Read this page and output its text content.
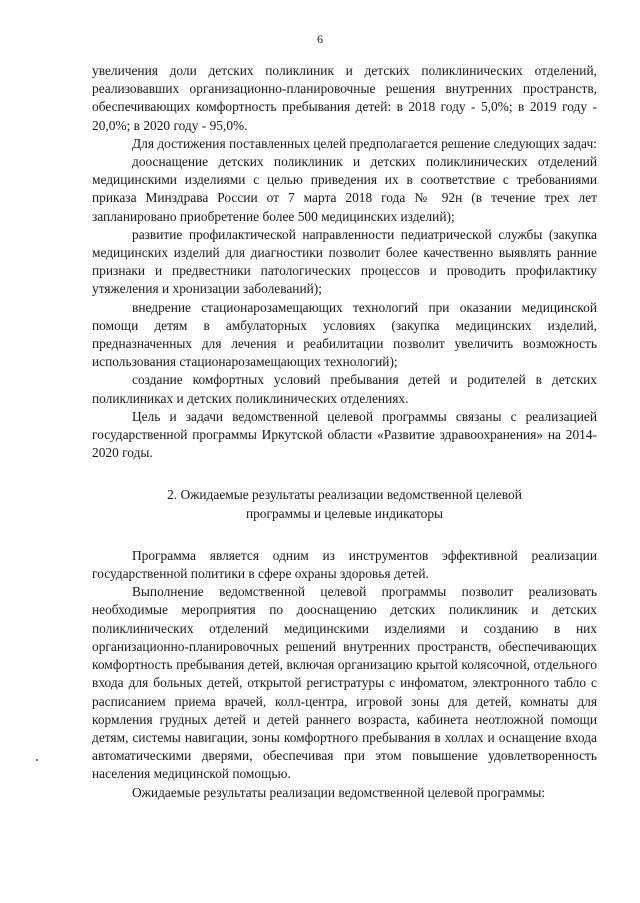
6

увеличения доли детских поликлиник и детских поликлинических отделений, реализовавших организационно-планировочные решения внутренних пространств, обеспечивающих комфортность пребывания детей: в 2018 году - 5,0%; в 2019 году - 20,0%; в 2020 году - 95,0%.

Для достижения поставленных целей предполагается решение следующих задач:

дооснащение детских поликлиник и детских поликлинических отделений медицинскими изделиями с целью приведения их в соответствие с требованиями приказа Минздрава России от 7 марта 2018 года № 92н (в течение трех лет запланировано приобретение более 500 медицинских изделий);

развитие профилактической направленности педиатрической службы (закупка медицинских изделий для диагностики позволит более качественно выявлять ранние признаки и предвестники патологических процессов и проводить профилактику утяжеления и хронизации заболеваний);

внедрение стационарозамещающих технологий при оказании медицинской помощи детям в амбулаторных условиях (закупка медицинских изделий, предназначенных для лечения и реабилитации позволит увеличить возможность использования стационарозамещающих технологий);

создание комфортных условий пребывания детей и родителей в детских поликлиниках и детских поликлинических отделениях.

Цель и задачи ведомственной целевой программы связаны с реализацией государственной программы Иркутской области «Развитие здравоохранения» на 2014-2020 годы.

2. Ожидаемые результаты реализации ведомственной целевой
программы и целевые индикаторы

Программа является одним из инструментов эффективной реализации государственной политики в сфере охраны здоровья детей.

Выполнение ведомственной целевой программы позволит реализовать необходимые мероприятия по дооснащению детских поликлиник и детских поликлинических отделений медицинскими изделиями и созданию в них организационно-планировочных решений внутренних пространств, обеспечивающих комфортность пребывания детей, включая организацию крытой колясочной, отдельного входа для больных детей, открытой регистратуры с инфоматом, электронного табло с расписанием приема врачей, колл-центра, игровой зоны для детей, комнаты для кормления грудных детей и детей раннего возраста, кабинета неотложной помощи детям, системы навигации, зоны комфортного пребывания в холлах и оснащение входа автоматическими дверями, обеспечивая при этом повышение удовлетворенность населения медицинской помощью.

Ожидаемые результаты реализации ведомственной целевой программы:
